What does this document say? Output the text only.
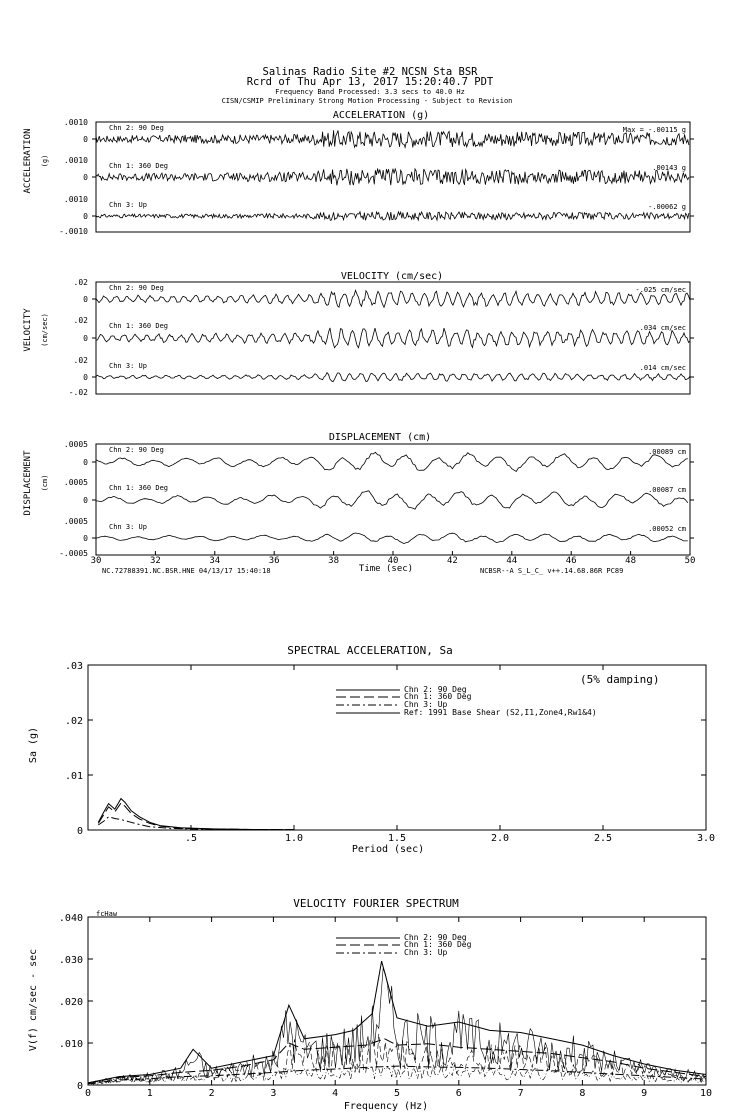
Salinas Radio Site #2 NCSN Sta BSR
Rcrd of Thu Apr 13, 2017 15:20:40.7 PDT
Frequency Band Processed: 3.3 secs to 40.0 Hz
CISN/CSMIP Preliminary Strong Motion Processing - Subject to Revision
ACCELERATION (g)
ACCELERATION (g)
Chn 2: 90 Deg	Max = -.00115 g
Chn 1: 360 Deg	.00143 g
Chn 3: Up	-.00062 g
.0010
0
.0010
0
.0010
0
-.0010
VELOCITY (cm/sec)
VELOCITY (cm/sec)
Chn 2: 90 Deg	-.025 cm/sec
Chn 1: 360 Deg	.034 cm/sec
Chn 3: Up	.014 cm/sec
.02
0
.02
0
.02
0
-.02
DISPLACEMENT (cm)
DISPLACEMENT (cm)
Chn 2: 90 Deg	.00089 cm
Chn 1: 360 Deg	.00087 cm
Chn 3: Up	.00052 cm
.0005
0
.0005
0
.0005
0
-.0005
30	32	34	36	38	40	42	44	46	48	50
Time (sec)
NC.72788391.NC.BSR.HNE 04/13/17 15:40:18	NCBSR--A S_L_C_ v++.14.68.86R PC89
SPECTRAL ACCELERATION, Sa
(5% damping)
Sa (g)
Period (sec)
0
.01
.02
.03
.5	1.0	1.5	2.0	2.5	3.0
Chn 2: 90 Deg
Chn 1: 360 Deg
Chn 3: Up
Ref: 1991 Base Shear (S2,I1,Zone4,Rw1&4)
VELOCITY FOURIER SPECTRUM
fcHaw
V(f) cm/sec - sec
Frequency (Hz)
0
.010
.020
.030
.040
0	1	2	3	4	5	6	7	8	9	10
Chn 2: 90 Deg
Chn 1: 360 Deg
Chn 3: Up
